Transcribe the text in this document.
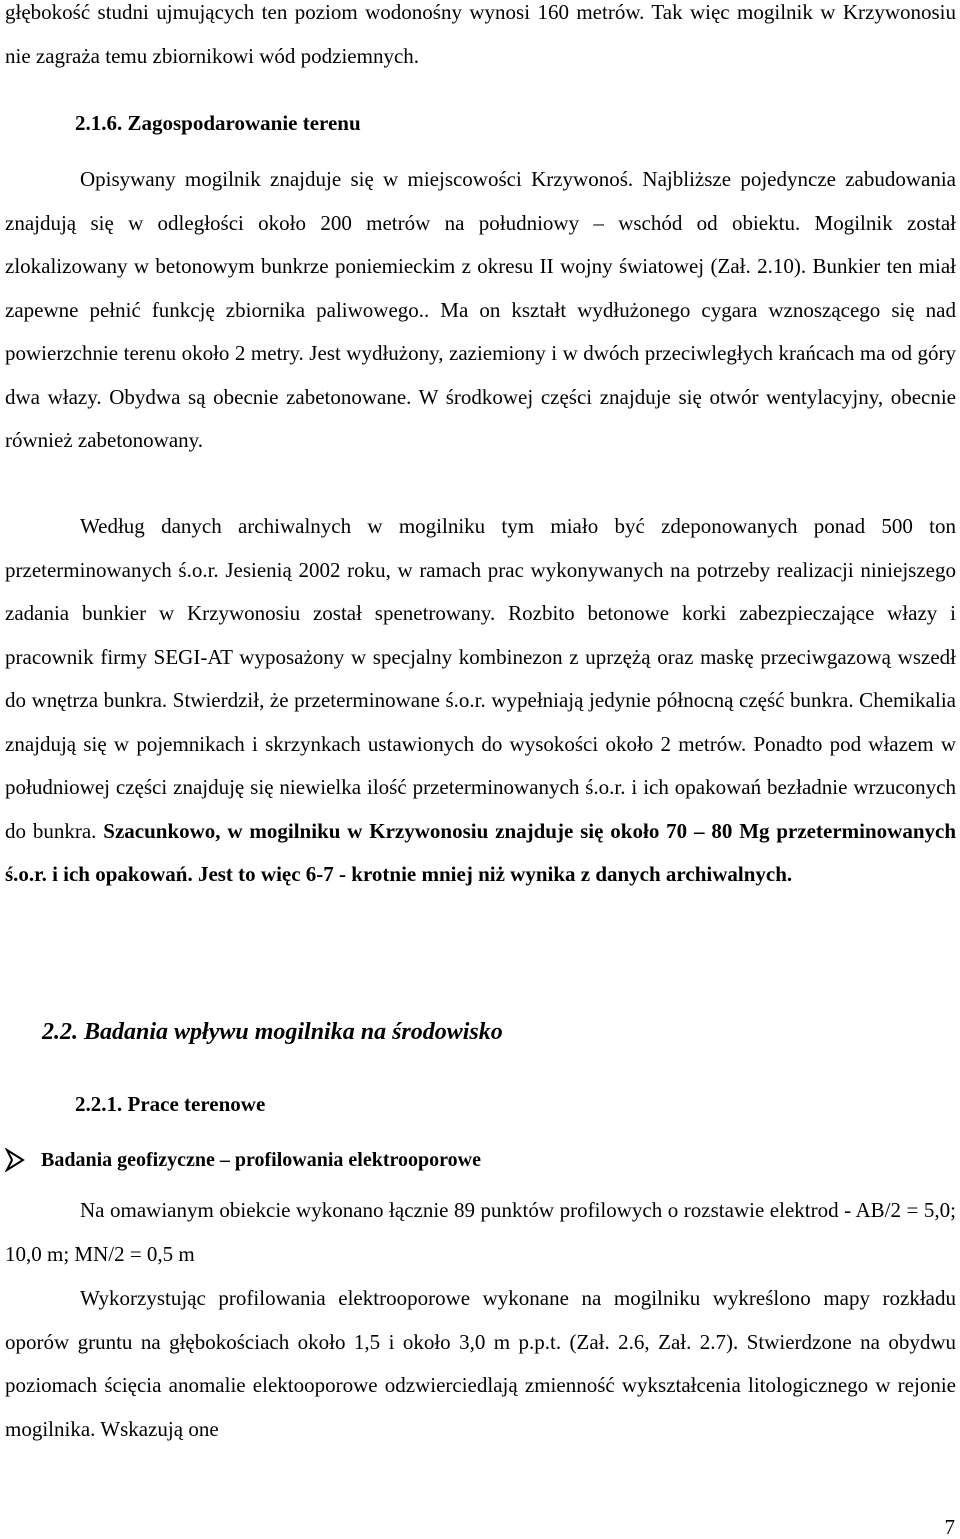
głębokość studni ujmujących ten poziom wodonośny wynosi 160 metrów. Tak więc mogilnik w Krzywonosiu nie zagraża temu zbiornikowi wód podziemnych.

2.1.6. Zagospodarowanie terenu

Opisywany mogilnik znajduje się w miejscowości Krzywonoś. Najbliższe pojedyncze zabudowania znajdują się w odległości około 200 metrów na południowy – wschód od obiektu. Mogilnik został zlokalizowany w betonowym bunkrze poniemieckim z okresu II wojny światowej (Zał. 2.10). Bunkier ten miał zapewne pełnić funkcję zbiornika paliwowego.. Ma on kształt wydłużonego cygara wznoszącego się nad powierzchnie terenu około 2 metry. Jest wydłużony, zaziemiony i w dwóch przeciwległych krańcach ma od góry dwa włazy. Obydwa są obecnie zabetonowane. W środkowej części znajduje się otwór wentylacyjny, obecnie również zabetonowany.

Według danych archiwalnych w mogilniku tym miało być zdeponowanych ponad 500 ton przeterminowanych ś.o.r. Jesienią 2002 roku, w ramach prac wykonywanych na potrzeby realizacji niniejszego zadania bunkier w Krzywonosiu został spenetrowany. Rozbito betonowe korki zabezpieczające włazy i pracownik firmy SEGI-AT wyposażony w specjalny kombinezon z uprzężą oraz maskę przeciwgazową wszedł do wnętrza bunkra. Stwierdził, że przeterminowane ś.o.r. wypełniają jedynie północną część bunkra. Chemikalia znajdują się w pojemnikach i skrzynkach ustawionych do wysokości około 2 metrów. Ponadto pod włazem w południowej części znajduję się niewielka ilość przeterminowanych ś.o.r. i ich opakowań bezładnie wrzuconych do bunkra. Szacunkowo, w mogilniku w Krzywonosiu znajduje się około 70 – 80 Mg przeterminowanych ś.o.r. i ich opakowań. Jest to więc 6-7 - krotnie mniej niż wynika z danych archiwalnych.

2.2. Badania wpływu mogilnika na środowisko
2.2.1. Prace terenowe
Badania geofizyczne – profilowania elektrooporowe

Na omawianym obiekcie wykonano łącznie 89 punktów profilowych o rozstawie elektrod - AB/2 = 5,0; 10,0 m; MN/2 = 0,5 m

Wykorzystując profilowania elektrooporowe wykonane na mogilniku wykreślono mapy rozkładu oporów gruntu na głębokościach około 1,5 i około 3,0 m p.p.t. (Zał. 2.6, Zał. 2.7). Stwierdzone na obydwu poziomach ścięcia anomalie elektooporowe odzwierciedlają zmienność wykształcenia litologicznego w rejonie mogilnika. Wskazują one

7
